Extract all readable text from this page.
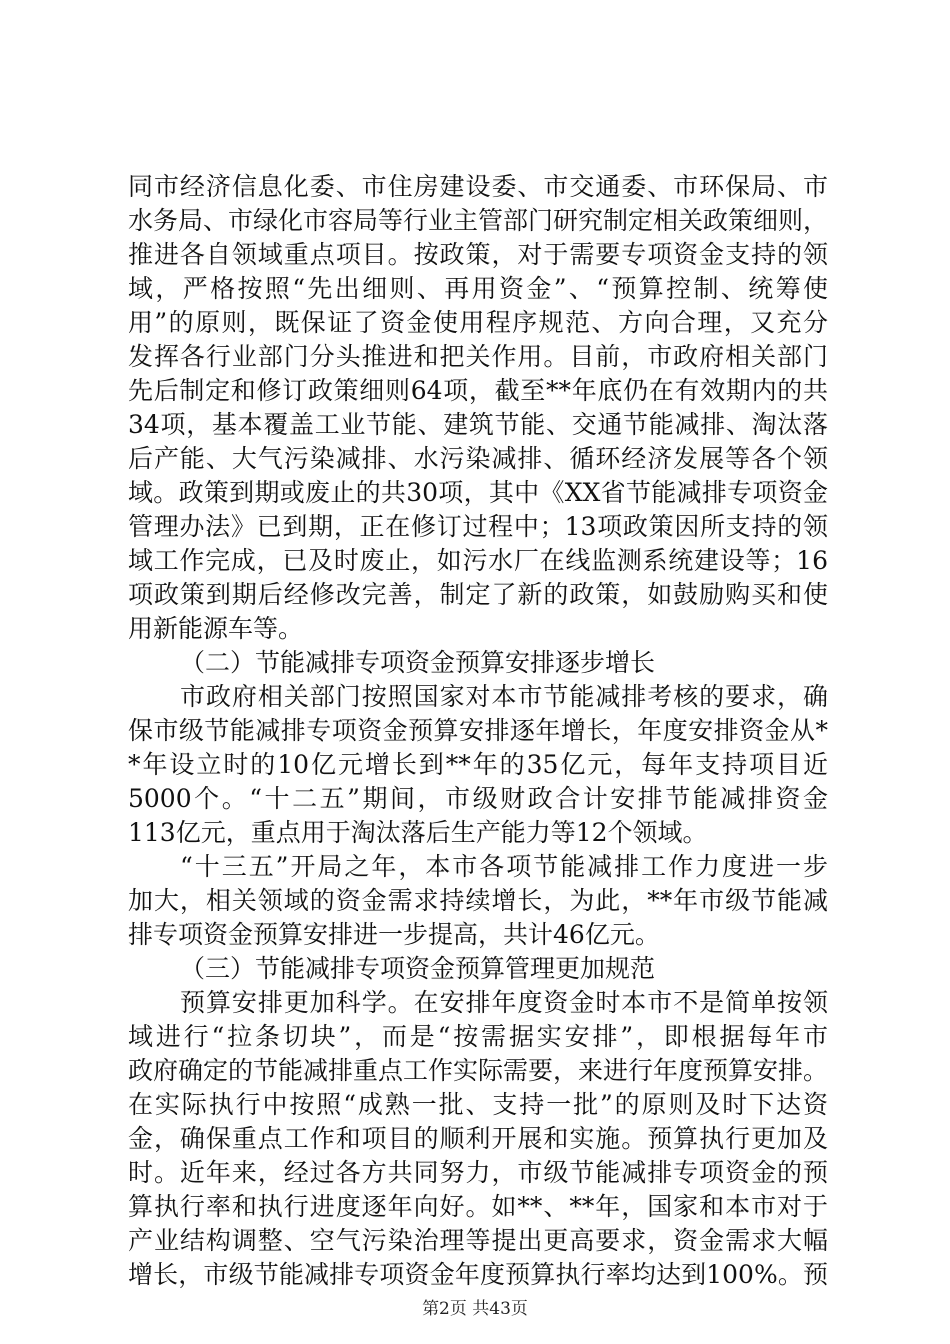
同市经济信息化委、市住房建设委、市交通委、市环保局、市
水务局、市绿化市容局等行业主管部门研究制定相关政策细则，
推进各自领域重点项目。按政策，对于需要专项资金支持的领
域，严格按照“先出细则、再用资金”、“预算控制、统筹使
用”的原则，既保证了资金使用程序规范、方向合理，又充分
发挥各行业部门分头推进和把关作用。目前，市政府相关部门
先后制定和修订政策细则64项，截至**年底仍在有效期内的共
34项，基本覆盖工业节能、建筑节能、交通节能减排、淘汰落
后产能、大气污染减排、水污染减排、循环经济发展等各个领
域。政策到期或废止的共30项，其中《XX省节能减排专项资金
管理办法》已到期，正在修订过程中；13项政策因所支持的领
域工作完成，已及时废止，如污水厂在线监测系统建设等；16
项政策到期后经修改完善，制定了新的政策，如鼓励购买和使
用新能源车等。
（二）节能减排专项资金预算安排逐步增长
市政府相关部门按照国家对本市节能减排考核的要求，确
保市级节能减排专项资金预算安排逐年增长，年度安排资金从*
*年设立时的10亿元增长到**年的35亿元，每年支持项目近
5000个。“十二五”期间，市级财政合计安排节能减排资金
113亿元，重点用于淘汰落后生产能力等12个领域。
“十三五”开局之年，本市各项节能减排工作力度进一步
加大，相关领域的资金需求持续增长，为此，**年市级节能减
排专项资金预算安排进一步提高，共计46亿元。
（三）节能减排专项资金预算管理更加规范
预算安排更加科学。在安排年度资金时本市不是简单按领
域进行“拉条切块”，而是“按需据实安排”，即根据每年市
政府确定的节能减排重点工作实际需要，来进行年度预算安排。
在实际执行中按照“成熟一批、支持一批”的原则及时下达资
金，确保重点工作和项目的顺利开展和实施。预算执行更加及
时。近年来，经过各方共同努力，市级节能减排专项资金的预
算执行率和执行进度逐年向好。如**、**年，国家和本市对于
产业结构调整、空气污染治理等提出更高要求，资金需求大幅
增长，市级节能减排专项资金年度预算执行率均达到100%。预
第2页 共43页
